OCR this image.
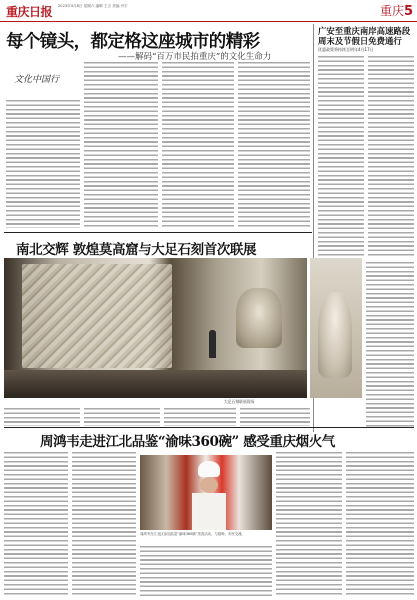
重庆日报 2023年4月8日 星期六 编辑 王言 美编 丹宇	重庆5
每个镜头，都定格这座城市的精彩
——解码“百万市民拍重庆”的文化生命力
文化中国行
广安至重庆南岸高速路段周末及节假日免费通行
优惠政策将持续至明年4月17日
南北交辉 敦煌莫高窟与大足石刻首次联展
大足石刻联展现场
周鸿韦走进江北品鉴“渝味360碗” 感受重庆烟火气
周鸿韦在江北区参加品鉴“渝味360碗”美食活动，与厨师、市民交流。
